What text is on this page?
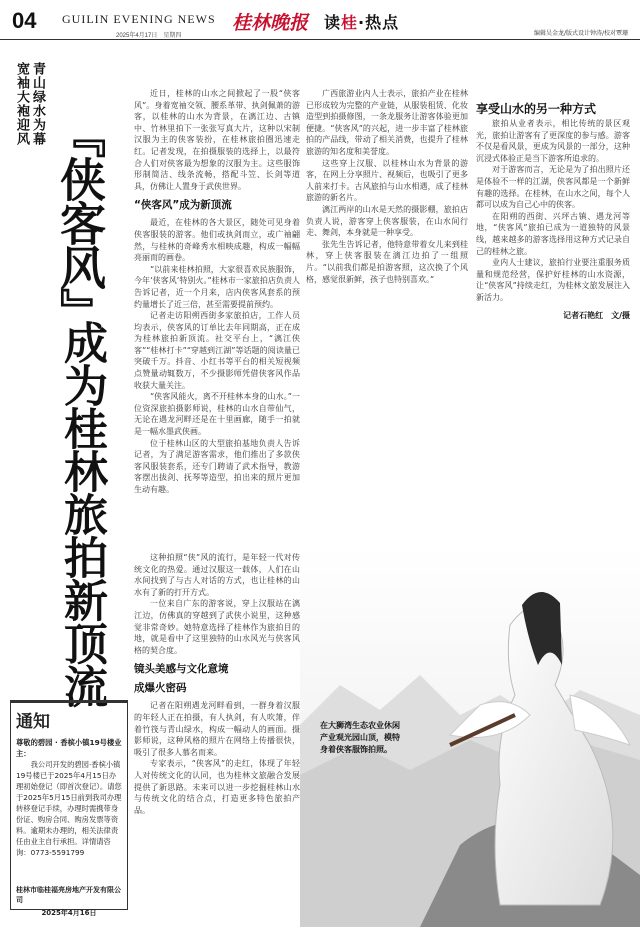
04 GUILIN EVENING NEWS
2025年4月17日　星期四
桂林晚报 读桂·热点
编辑吴金龙/版式设计钟涛/校对覃珊
青山绿水为幕
宽袖大袍迎风
『侠客风』
成为桂林旅拍新顶流

近日，桂林的山水之间掀起了一股“侠客风”。身着宽袖交领、腰系革带、执剑佩萧的游客，以桂林的山水为背景，在漓江边、古镇中、竹林里拍下一张张写真大片，这种以宋制汉服为主的侠客装扮，在桂林旅拍圈迅速走红。记者发现，在拍摄服装的选择上，以最符合人们对侠客最为想象的汉服为主。这些服饰形制简洁、线条流畅，搭配斗笠、长剑等道具，仿佛让人置身于武侠世界。

“侠客风”成为新顶流

最近，在桂林的各大景区，随处可见身着侠客服装的游客。他们或执剑而立，或广袖翩然，与桂林的奇峰秀水相映成趣，构成一幅幅亮丽而的画卷。

“以前来桂林拍照，大家很喜欢民族服饰，今年‘侠客风’特别火。”桂林市一家旅拍店负责人告诉记者，近一个月来，店内侠客风套系的预约量增长了近三倍，甚至需要提前预约。

记者走访阳朔西街多家旅拍店，工作人员均表示，侠客风的订单比去年同期高，正在成为桂林旅拍新顶流。社交平台上，“漓江侠客”“桂林打卡”“穿越到江湖”等话题的阅读量已突破千万。抖音、小红书等平台的相关短视频点赞量动辄数万，不少摄影师凭借侠客风作品收获大量关注。

“侠客风能火，离不开桂林本身的山水。”一位资深旅拍摄影师说，桂林的山水自带仙气，无论在遇龙河畔还是在十里画廊，随手一拍就是一幅水墨武侠画。

位于桂林山区的大型旅拍基地负责人告诉记者，为了满足游客需求，他们推出了多款侠客风服装套系，还专门聘请了武术指导，教游客摆出拔剑、抚琴等造型，拍出来的照片更加生动有趣。

这种拍照“侠”风的流行，是年轻一代对传统文化的热爱。通过汉服这一载体，人们在山水间找到了与古人对话的方式，也让桂林的山水有了新的打开方式。

一位来自广东的游客说，穿上汉服站在漓江边，仿佛真的穿越到了武侠小说里，这种感觉非常奇妙。她特意选择了桂林作为旅拍目的地，就是看中了这里独特的山水风光与侠客风格的契合度。

镜头美感与文化意境
成爆火密码

记者在阳朔遇龙河畔看到，一群身着汉服的年轻人正在拍摄，有人执剑，有人吹箫，伴着竹筏与青山绿水，构成一幅动人的画面。摄影师说，这种风格的照片在网络上传播很快，吸引了很多人慕名而来。

专家表示，“侠客风”的走红，体现了年轻人对传统文化的认同，也为桂林文旅融合发展提供了新思路。未来可以进一步挖掘桂林山水与传统文化的结合点，打造更多特色旅拍产品。

广西旅游业内人士表示，旅拍产业在桂林已形成较为完整的产业链，从服装租赁、化妆造型到拍摄修图，一条龙服务让游客体验更加便捷。“侠客风”的兴起，进一步丰富了桂林旅拍的产品线，带动了相关消费，也提升了桂林旅游的知名度和美誉度。

这些穿上汉服、以桂林山水为背景的游客，在网上分享照片、视频后，也吸引了更多人前来打卡。古风旅拍与山水相遇，成了桂林旅游的新名片。

漓江两岸的山水是天然的摄影棚，旅拍店负责人说，游客穿上侠客服装，在山水间行走、舞剑，本身就是一种享受。

张先生告诉记者，他特意带着女儿来到桂林，穿上侠客服装在漓江边拍了一组照片。“以前我们都是拍游客照，这次换了个风格，感觉很新鲜，孩子也特别喜欢。”

享受山水的另一种方式

旅拍从业者表示，相比传统的景区观光，旅拍让游客有了更深度的参与感。游客不仅是看风景，更成为风景的一部分，这种沉浸式体验正是当下游客所追求的。

对于游客而言，无论是为了拍出照片还是体验不一样的江湖，侠客风都是一个新鲜有趣的选择。在桂林，在山水之间，每个人都可以成为自己心中的侠客。

在阳朔的西街、兴坪古镇、遇龙河等地，“侠客风”旅拍已成为一道独特的风景线，越来越多的游客选择用这种方式记录自己的桂林之旅。

业内人士建议，旅拍行业要注重服务质量和规范经营，保护好桂林的山水资源，让“侠客风”持续走红，为桂林文旅发展注入新活力。

记者石艳红　文/摄
在大狮湾生态农业休闲产业观光园山顶，模特身着侠客服饰拍照。
通知
尊敬的碧园 · 香槟小镇19号楼业主：
我公司开发的碧园·香槟小镇19号楼已于2025年4月15日办理初始登记（即首次登记）。请您于2025年5月15日前到我司办理转移登记手续，办理时需携带身份证、购房合同、购房发票等资料。逾期未办理的，相关法律责任由业主自行承担。详情请咨询：0773-5591799
桂林市临桂福亮房地产开发有限公司
2025年4月16日
